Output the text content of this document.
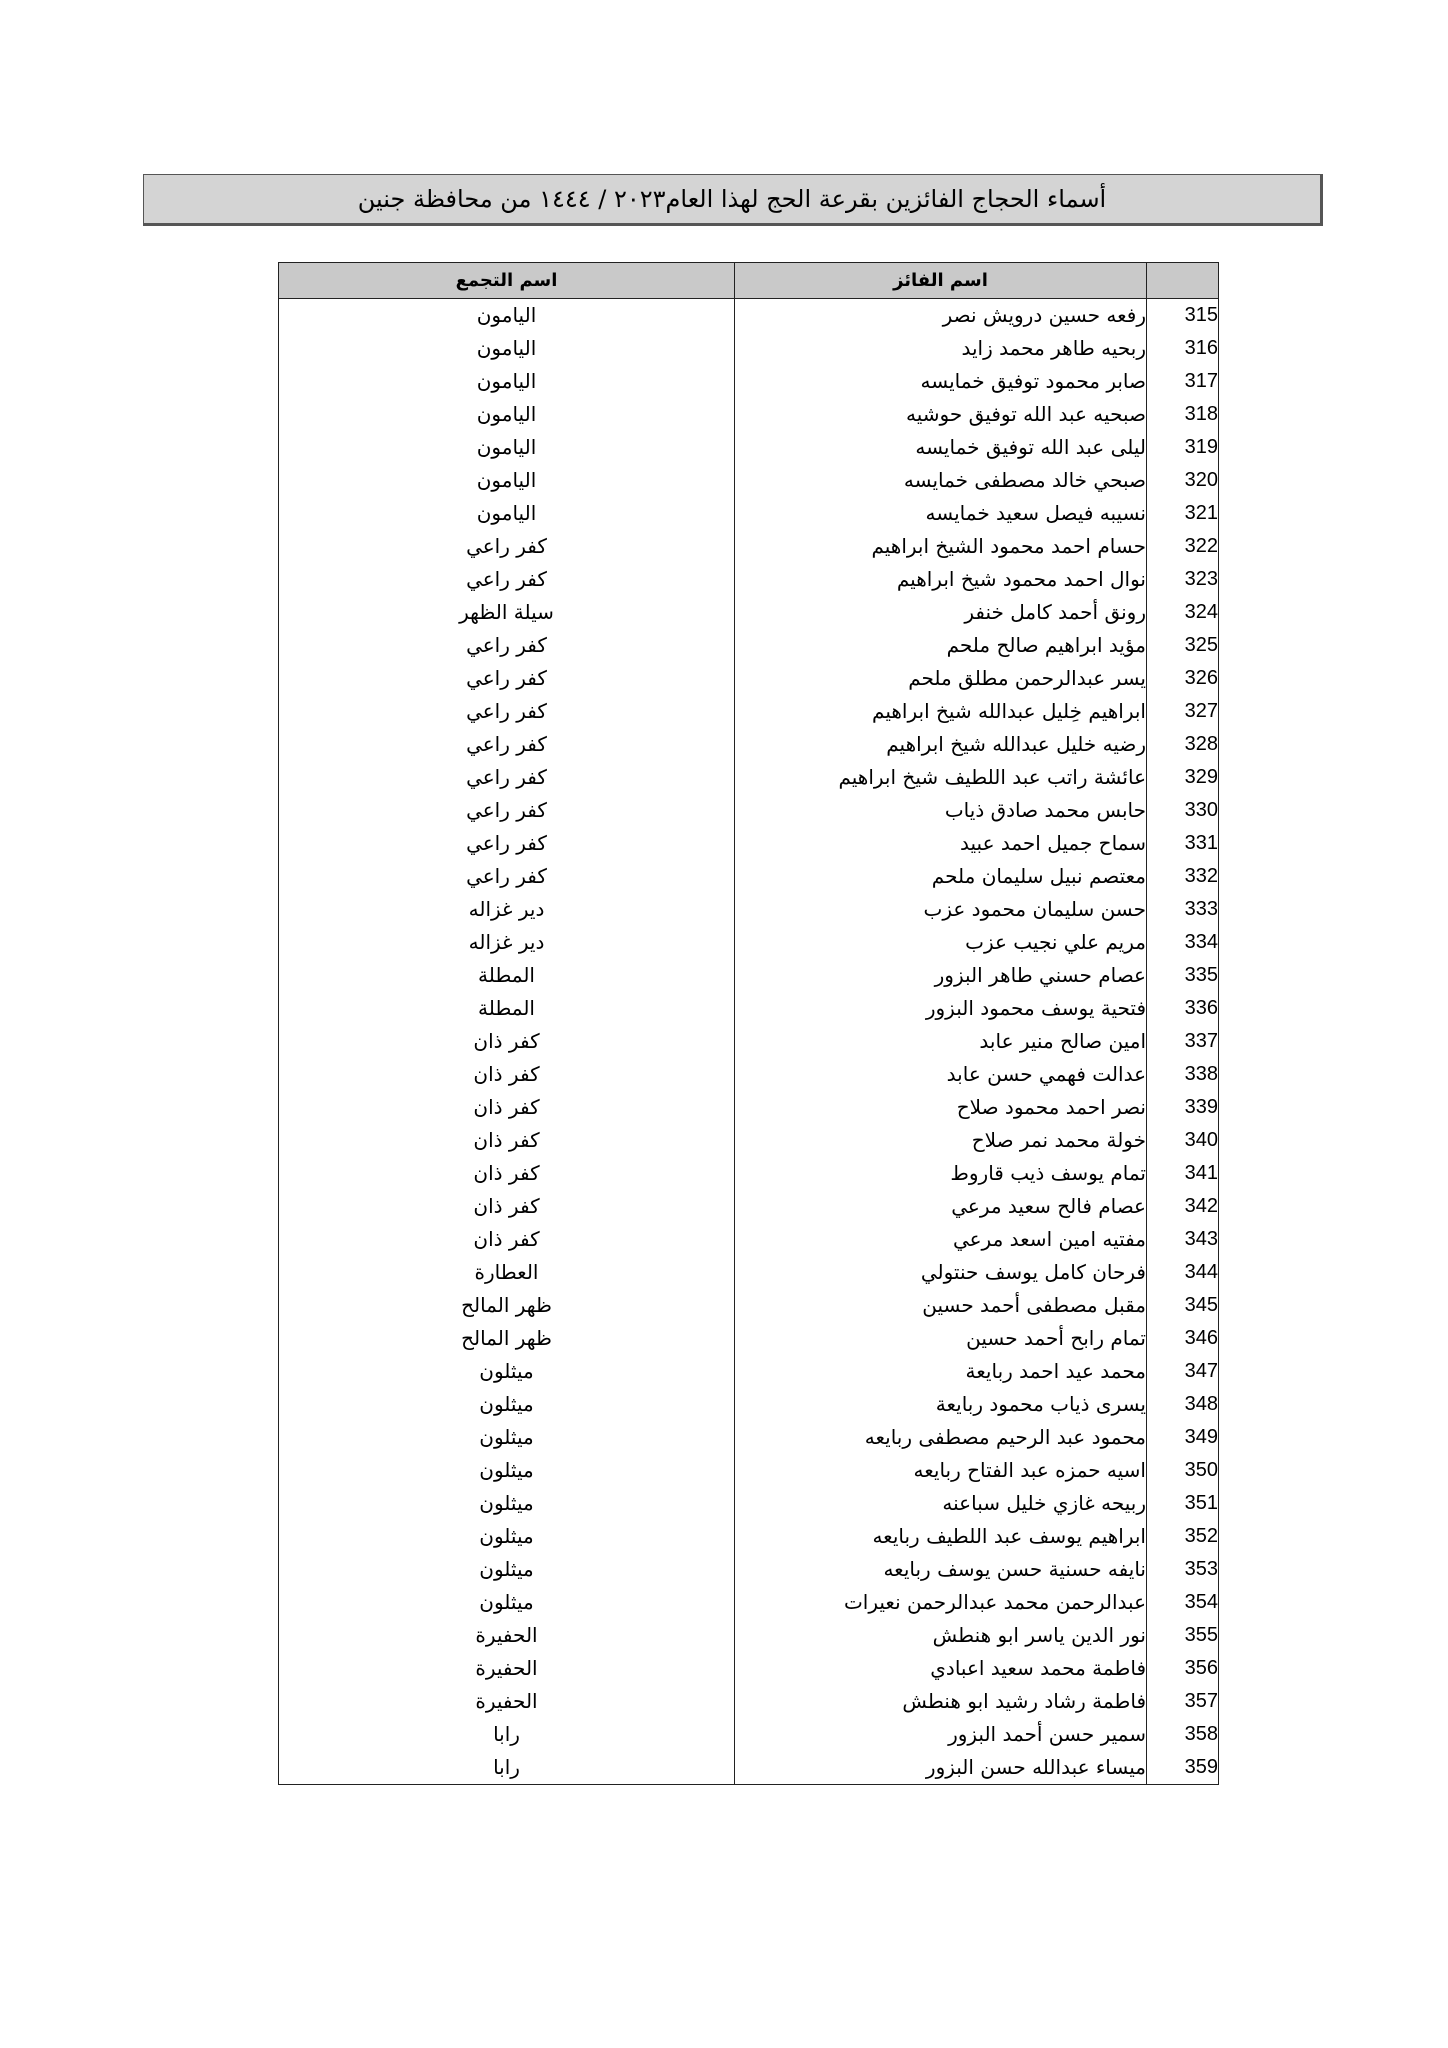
أسماء الحجاج الفائزين بقرعة الحج لهذا العام٢٠٢٣ / ١٤٤٤ من محافظة جنين
	اسم الفائز	اسم التجمع
315	رفعه حسين درويش نصر	اليامون
316	ربحيه طاهر محمد زايد	اليامون
317	صابر محمود توفيق خمايسه	اليامون
318	صبحيه عبد الله توفيق حوشيه	اليامون
319	ليلى عبد الله توفيق خمايسه	اليامون
320	صبحي خالد مصطفى خمايسه	اليامون
321	نسيبه فيصل سعيد خمايسه	اليامون
322	حسام احمد محمود الشيخ ابراهيم	كفر راعي
323	نوال احمد محمود شيخ ابراهيم	كفر راعي
324	رونق أحمد كامل خنفر	سيلة الظهر
325	مؤيد ابراهيم صالح ملحم	كفر راعي
326	يسر عبدالرحمن مطلق ملحم	كفر راعي
327	ابراهيم خِليل عبدالله شيخ ابراهيم	كفر راعي
328	رضيه خليل عبدالله شيخ ابراهيم	كفر راعي
329	عائشة راتب عبد اللطيف شيخ ابراهيم	كفر راعي
330	حابس محمد صادق ذياب	كفر راعي
331	سماح جميل احمد عبيد	كفر راعي
332	معتصم نبيل سليمان ملحم	كفر راعي
333	حسن سليمان محمود عزب	دير غزاله
334	مريم علي نجيب عزب	دير غزاله
335	عصام حسني طاهر البزور	المطلة
336	فتحية يوسف محمود البزور	المطلة
337	امين صالح منير عابد	كفر ذان
338	عدالت فهمي حسن عابد	كفر ذان
339	نصر احمد محمود صلاح	كفر ذان
340	خولة محمد نمر صلاح	كفر ذان
341	تمام يوسف ذيب قاروط	كفر ذان
342	عصام فالح سعيد مرعي	كفر ذان
343	مفتيه امين اسعد مرعي	كفر ذان
344	فرحان كامل يوسف حنتولي	العطارة
345	مقبل مصطفى أحمد حسين	ظهر المالح
346	تمام رابح أحمد حسين	ظهر المالح
347	محمد عيد احمد ربايعة	ميثلون
348	يسرى ذياب محمود ربايعة	ميثلون
349	محمود عبد الرحيم مصطفى ربايعه	ميثلون
350	اسيه حمزه عبد الفتاح ربايعه	ميثلون
351	ربيحه غازي خليل سباعنه	ميثلون
352	ابراهيم يوسف عبد اللطيف ربايعه	ميثلون
353	نايفه حسنية حسن يوسف ربايعه	ميثلون
354	عبدالرحمن محمد عبدالرحمن نعيرات	ميثلون
355	نور الدين ياسر ابو هنطش	الحفيرة
356	فاطمة محمد سعيد اعبادي	الحفيرة
357	فاطمة رشاد رشيد ابو هنطش	الحفيرة
358	سمير حسن أحمد البزور	رابا
359	ميساء عبدالله حسن البزور	رابا
